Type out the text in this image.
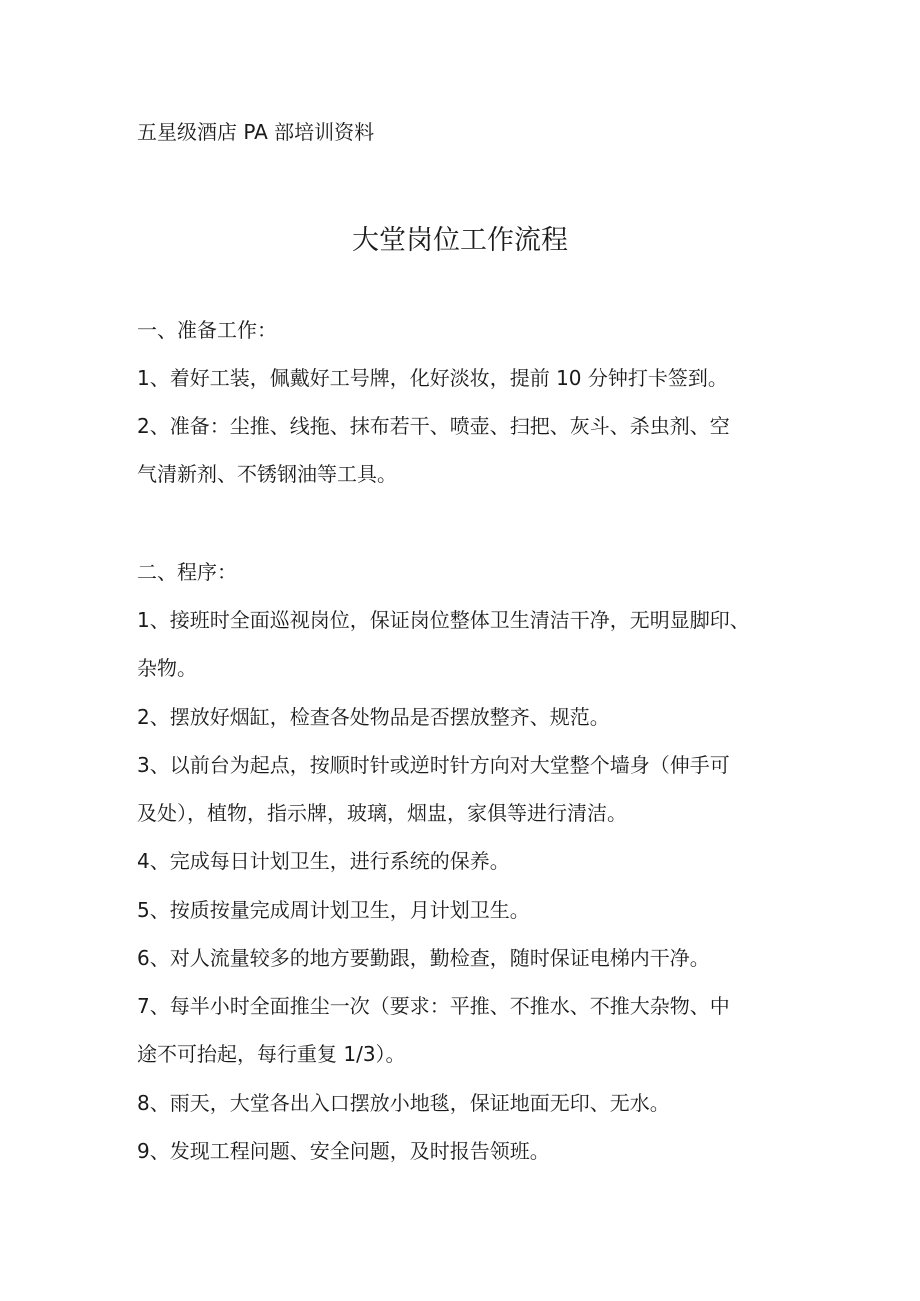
五星级酒店 PA 部培训资料
大堂岗位工作流程
一、准备工作：
1、着好工装，佩戴好工号牌，化好淡妆，提前 10 分钟打卡签到。
2、准备：尘推、线拖、抹布若干、喷壶、扫把、灰斗、杀虫剂、空
气清新剂、不锈钢油等工具。
二、程序：
1、接班时全面巡视岗位，保证岗位整体卫生清洁干净，无明显脚印、
杂物。
2、摆放好烟缸，检查各处物品是否摆放整齐、规范。
3、以前台为起点，按顺时针或逆时针方向对大堂整个墙身（伸手可
及处），植物，指示牌，玻璃，烟盅，家俱等进行清洁。
4、完成每日计划卫生，进行系统的保养。
5、按质按量完成周计划卫生，月计划卫生。
6、对人流量较多的地方要勤跟，勤检查，随时保证电梯内干净。
7、每半小时全面推尘一次（要求：平推、不推水、不推大杂物、中
途不可抬起，每行重复 1/3）。
8、雨天，大堂各出入口摆放小地毯，保证地面无印、无水。
9、发现工程问题、安全问题，及时报告领班。
